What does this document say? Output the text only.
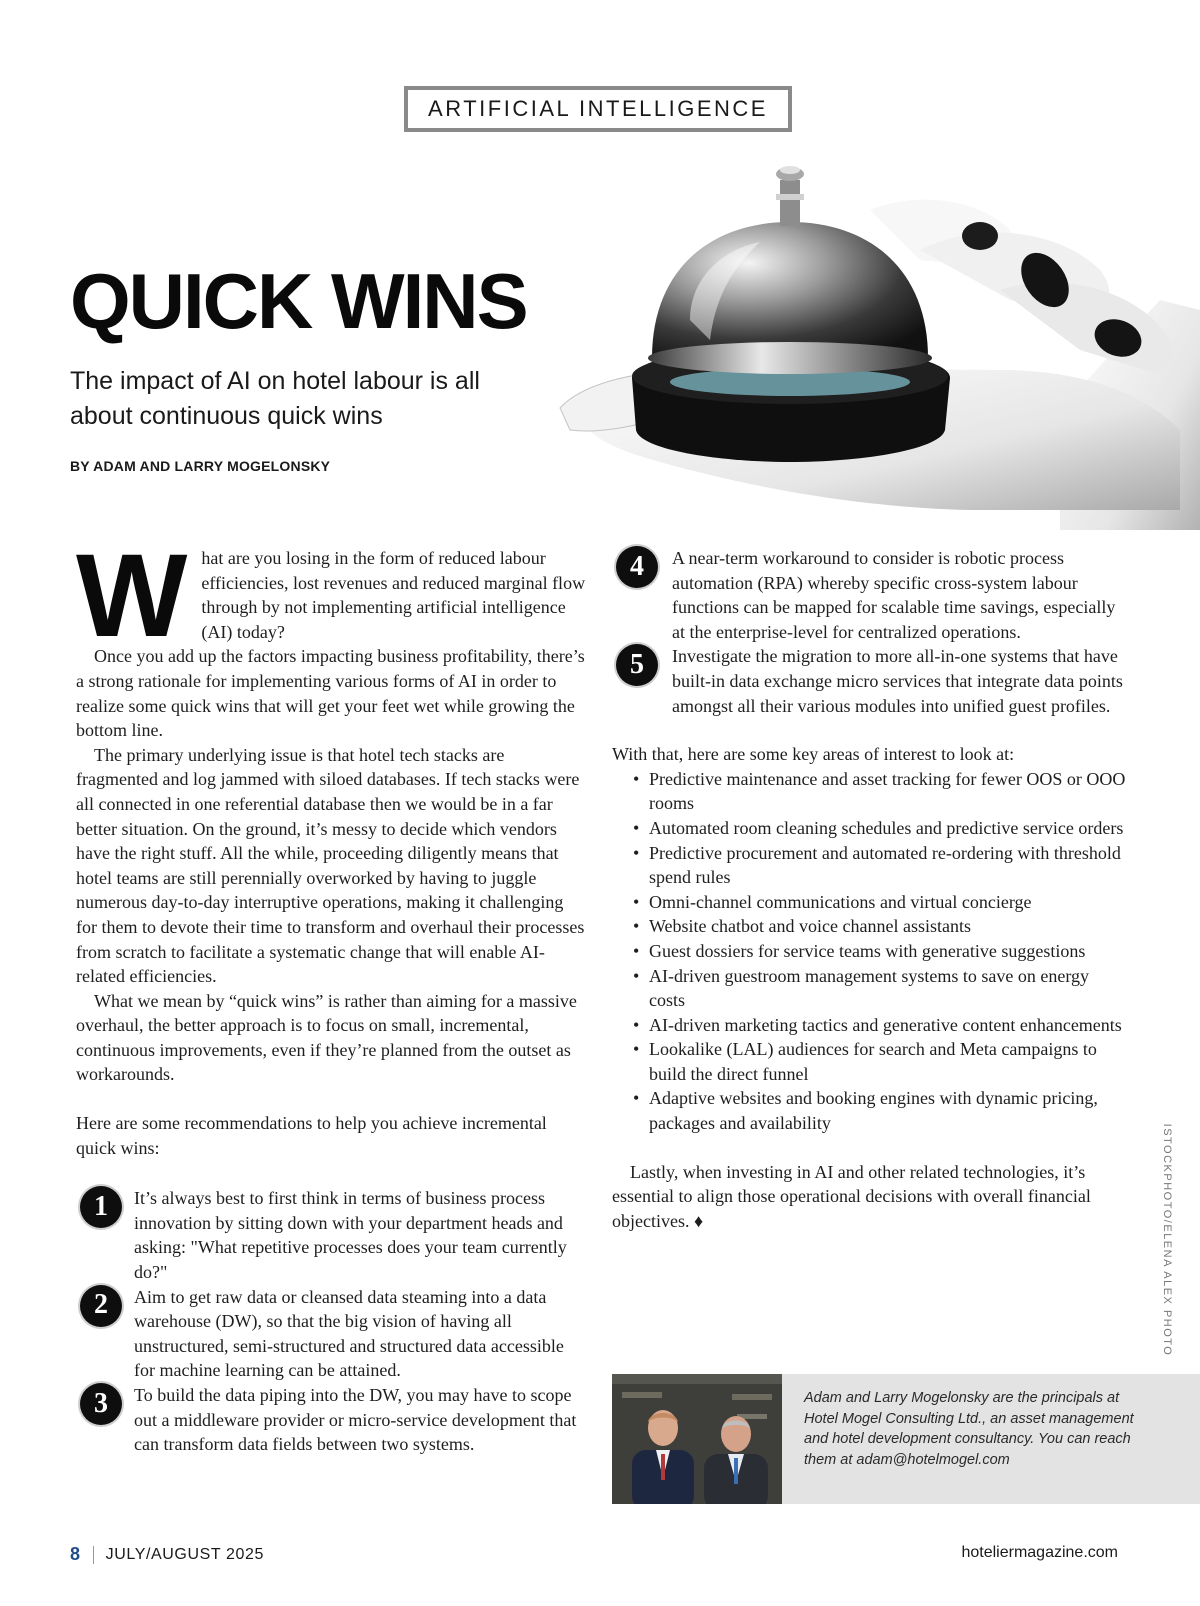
ARTIFICIAL INTELLIGENCE
QUICK WINS
The impact of AI on hotel labour is all about continuous quick wins
BY ADAM AND LARRY MOGELONSKY

What are you losing in the form of reduced labour efficiencies, lost revenues and reduced marginal flow through by not implementing artificial intelligence (AI) today?

Once you add up the factors impacting business profitability, there’s a strong rationale for implementing various forms of AI in order to realize some quick wins that will get your feet wet while growing the bottom line.

The primary underlying issue is that hotel tech stacks are fragmented and log jammed with siloed databases. If tech stacks were all connected in one referential database then we would be in a far better situation. On the ground, it’s messy to decide which vendors have the right stuff. All the while, proceeding diligently means that hotel teams are still perennially overworked by having to juggle numerous day-to-day interruptive operations, making it challenging for them to devote their time to transform and overhaul their processes from scratch to facilitate a systematic change that will enable AI-related efficiencies.

What we mean by “quick wins” is rather than aiming for a massive overhaul, the better approach is to focus on small, incremental, continuous improvements, even if they’re planned from the outset as workarounds.

Here are some recommendations to help you achieve incremental quick wins:

1	It’s always best to first think in terms of business process innovation by sitting down with your department heads and asking: "What repetitive processes does your team currently do?"
2	Aim to get raw data or cleansed data steaming into a data warehouse (DW), so that the big vision of having all unstructured, semi-structured and structured data accessible for machine learning can be attained.
3	To build the data piping into the DW, you may have to scope out a middleware provider or micro-service development that can transform data fields between two systems.
4	A near-term workaround to consider is robotic process automation (RPA) whereby specific cross-system labour functions can be mapped for scalable time savings, especially at the enterprise-level for centralized operations.
5	Investigate the migration to more all-in-one systems that have built-in data exchange micro services that integrate data points amongst all their various modules into unified guest profiles.

With that, here are some key areas of interest to look at:

• Predictive maintenance and asset tracking for fewer OOS or OOO rooms
• Automated room cleaning schedules and predictive service orders
• Predictive procurement and automated re-ordering with threshold spend rules
• Omni-channel communications and virtual concierge
• Website chatbot and voice channel assistants
• Guest dossiers for service teams with generative suggestions
• AI-driven guestroom management systems to save on energy costs
• AI-driven marketing tactics and generative content enhancements
• Lookalike (LAL) audiences for search and Meta campaigns to build the direct funnel
• Adaptive websites and booking engines with dynamic pricing, packages and availability

Lastly, when investing in AI and other related technologies, it’s essential to align those operational decisions with overall financial objectives. ♦

Adam and Larry Mogelonsky are the principals at Hotel Mogel Consulting Ltd., an asset management and hotel development consultancy. You can reach them at adam@hotelmogel.com
ISTOCKPHOTO/ELENA ALEX PHOTO
8 JULY/AUGUST 2025	hoteliermagazine.com
